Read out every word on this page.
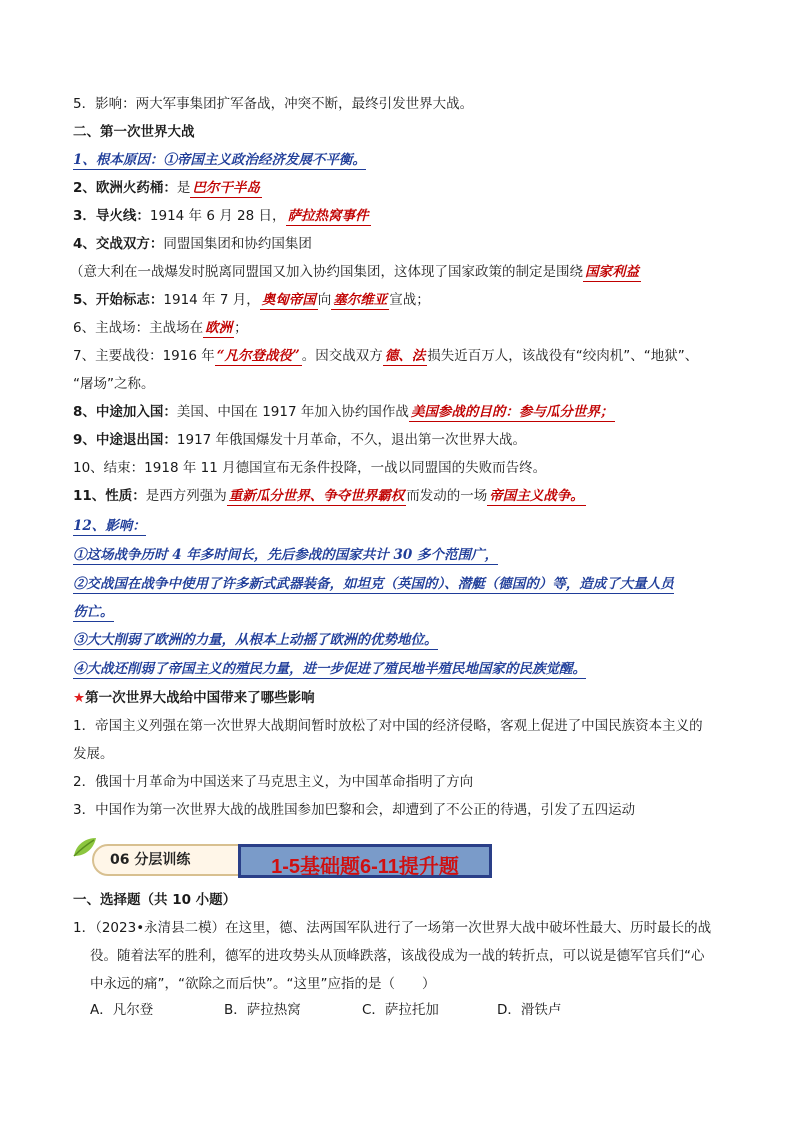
5．影响：两大军事集团扩军备战，冲突不断，最终引发世界大战。
二、第一次世界大战
1、根本原因：①帝国主义政治经济发展不平衡。
2、欧洲火药桶：是 巴尔干半岛
3．导火线：1914 年 6 月 28 日， 萨拉热窝事件
4、交战双方：同盟国集团和协约国集团
（意大利在一战爆发时脱离同盟国又加入协约国集团，这体现了国家政策的制定是围绕 国家利益
5、开始标志：1914 年 7 月， 奥匈帝国 向 塞尔维亚 宣战；
6、主战场：主战场在 欧洲 ；
7、主要战役：1916 年 “凡尔登战役” 。因交战双方 德、法 损失近百万人，该战役有“绞肉机”、“地狱”、
“屠场”之称。
8、中途加入国：美国、中国在 1917 年加入协约国作战 美国参战的目的：参与瓜分世界；
9、中途退出国：1917 年俄国爆发十月革命，不久，退出第一次世界大战。
10、结束：1918 年 11 月德国宣布无条件投降，一战以同盟国的失败而告终。
11、性质：是西方列强为 重新瓜分世界、争夺世界霸权 而发动的一场 帝国主义战争。
12、影响：
①这场战争历时 4 年多时间长，先后参战的国家共计 30 多个范围广，
②交战国在战争中使用了许多新式武器装备，如坦克（英国的）、潜艇（德国的）等，造成了大量人员
伤亡。
③大大削弱了欧洲的力量，从根本上动摇了欧洲的优势地位。
④大战还削弱了帝国主义的殖民力量，进一步促进了殖民地半殖民地国家的民族觉醒。
★第一次世界大战给中国带来了哪些影响
1．帝国主义列强在第一次世界大战期间暂时放松了对中国的经济侵略，客观上促进了中国民族资本主义的
发展。
2．俄国十月革命为中国送来了马克思主义，为中国革命指明了方向
3．中国作为第一次世界大战的战胜国参加巴黎和会，却遭到了不公正的待遇，引发了五四运动
06 分层训练	1-5基础题6-11提升题
一、选择题（共 10 小题）
1．（2023•永清县二模）在这里，德、法两国军队进行了一场第一次世界大战中破坏性最大、历时最长的战
役。随着法军的胜利，德军的进攻势头从顶峰跌落，该战役成为一战的转折点，可以说是德军官兵们“心
中永远的痛”，“欲除之而后快”。“这里”应指的是（　　）
A．凡尔登	B．萨拉热窝	C．萨拉托加	D．滑铁卢
